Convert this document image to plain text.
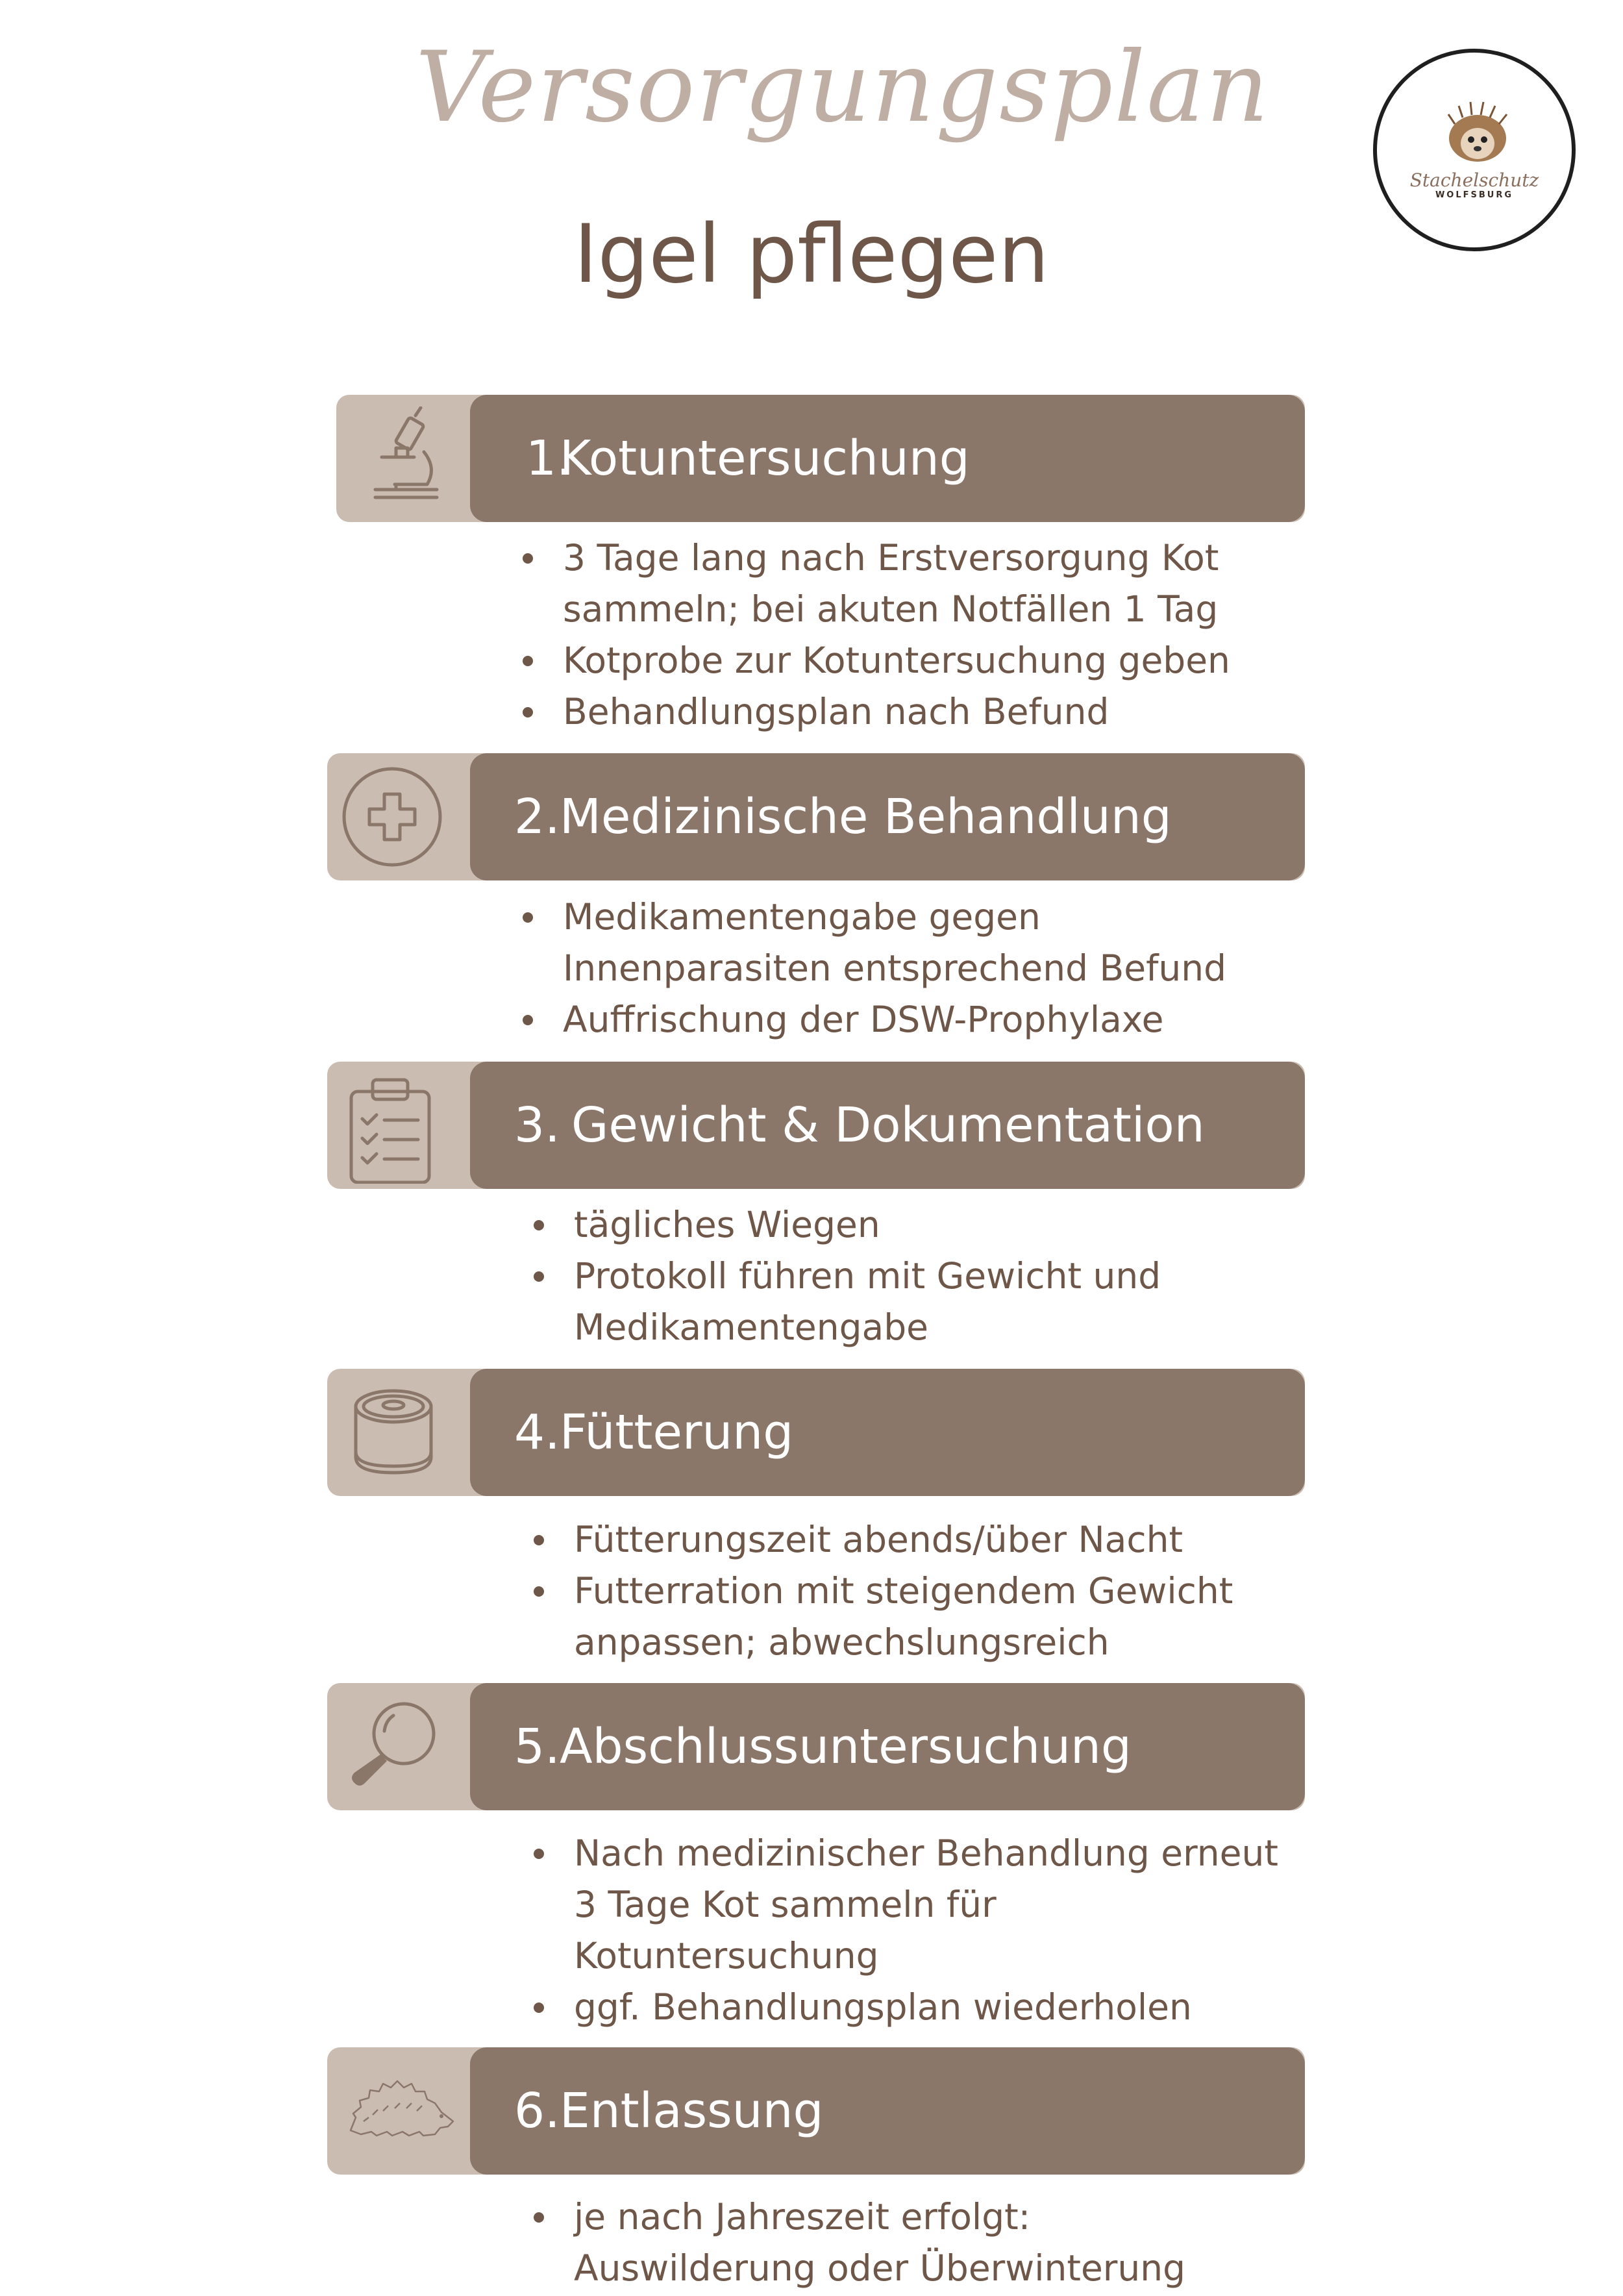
Versorgungsplan
Igel pflegen
Stachelschutz
WOLFSBURG
1.
Kotuntersuchung
3 Tage lang nach Erstversorgung Kot
sammeln; bei akuten Notfällen 1 Tag
Kotprobe zur Kotuntersuchung geben
Behandlungsplan nach Befund
2. Medizinische Behandlung
Medikamentengabe gegen
Innenparasiten entsprechend Befund
Auffrischung der DSW-Prophylaxe
3. Gewicht & Dokumentation
tägliches Wiegen
Protokoll führen mit Gewicht und
Medikamentengabe
4. Fütterung
Fütterungszeit abends/über Nacht
Futterration mit steigendem Gewicht
anpassen; abwechslungsreich
5. Abschlussuntersuchung
Nach medizinischer Behandlung erneut
3 Tage Kot sammeln für
Kotuntersuchung
ggf. Behandlungsplan wiederholen
6. Entlassung
je nach Jahreszeit erfolgt:
Auswilderung oder Überwinterung
